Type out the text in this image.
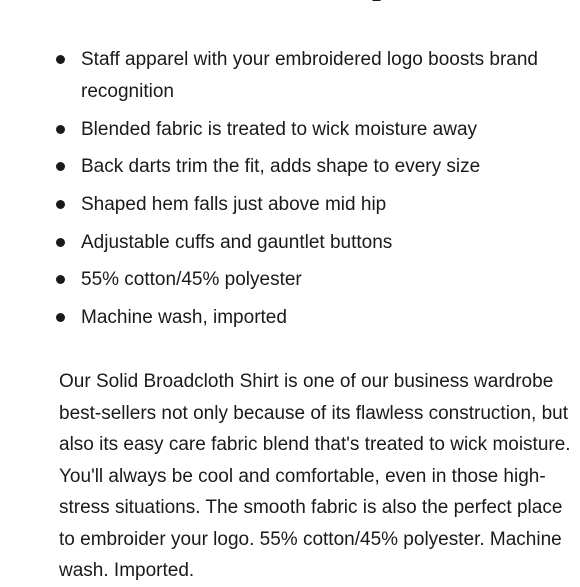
Staff apparel with your embroidered logo boosts brand recognition
Blended fabric is treated to wick moisture away
Back darts trim the fit, adds shape to every size
Shaped hem falls just above mid hip
Adjustable cuffs and gauntlet buttons
55% cotton/45% polyester
Machine wash, imported

Our Solid Broadcloth Shirt is one of our business wardrobe best-sellers not only because of its flawless construction, but also its easy care fabric blend that's treated to wick moisture. You'll always be cool and comfortable, even in those high-stress situations. The smooth fabric is also the perfect place to embroider your logo. 55% cotton/45% polyester. Machine wash. Imported.
